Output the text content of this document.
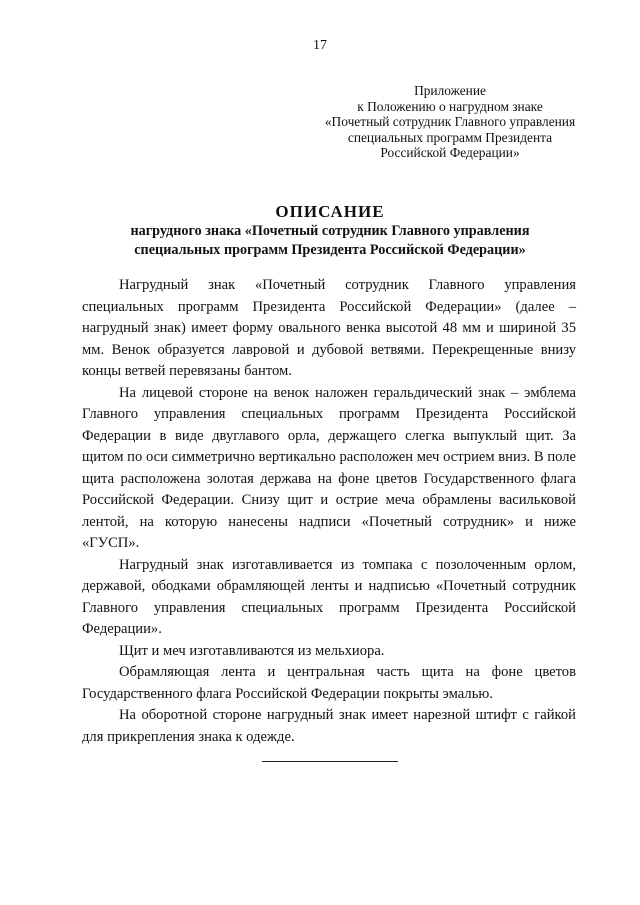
17
Приложение
к Положению о нагрудном знаке
«Почетный сотрудник Главного управления
специальных программ Президента
Российской Федерации»
ОПИСАНИЕ
нагрудного знака «Почетный сотрудник Главного управления
специальных программ Президента Российской Федерации»

Нагрудный знак «Почетный сотрудник Главного управления специальных программ Президента Российской Федерации» (далее – нагрудный знак) имеет форму овального венка высотой 48 мм и шириной 35 мм. Венок образуется лавровой и дубовой ветвями. Перекрещенные внизу концы ветвей перевязаны бантом.

На лицевой стороне на венок наложен геральдический знак – эмблема Главного управления специальных программ Президента Российской Федерации в виде двуглавого орла, держащего слегка выпуклый щит. За щитом по оси симметрично вертикально расположен меч острием вниз. В поле щита расположена золотая держава на фоне цветов Государственного флага Российской Федерации. Снизу щит и острие меча обрамлены васильковой лентой, на которую нанесены надписи «Почетный сотрудник» и ниже «ГУСП».

Нагрудный знак изготавливается из томпака с позолоченным орлом, державой, ободками обрамляющей ленты и надписью «Почетный сотрудник Главного управления специальных программ Президента Российской Федерации».

Щит и меч изготавливаются из мельхиора.

Обрамляющая лента и центральная часть щита на фоне цветов Государственного флага Российской Федерации покрыты эмалью.

На оборотной стороне нагрудный знак имеет нарезной штифт с гайкой для прикрепления знака к одежде.
